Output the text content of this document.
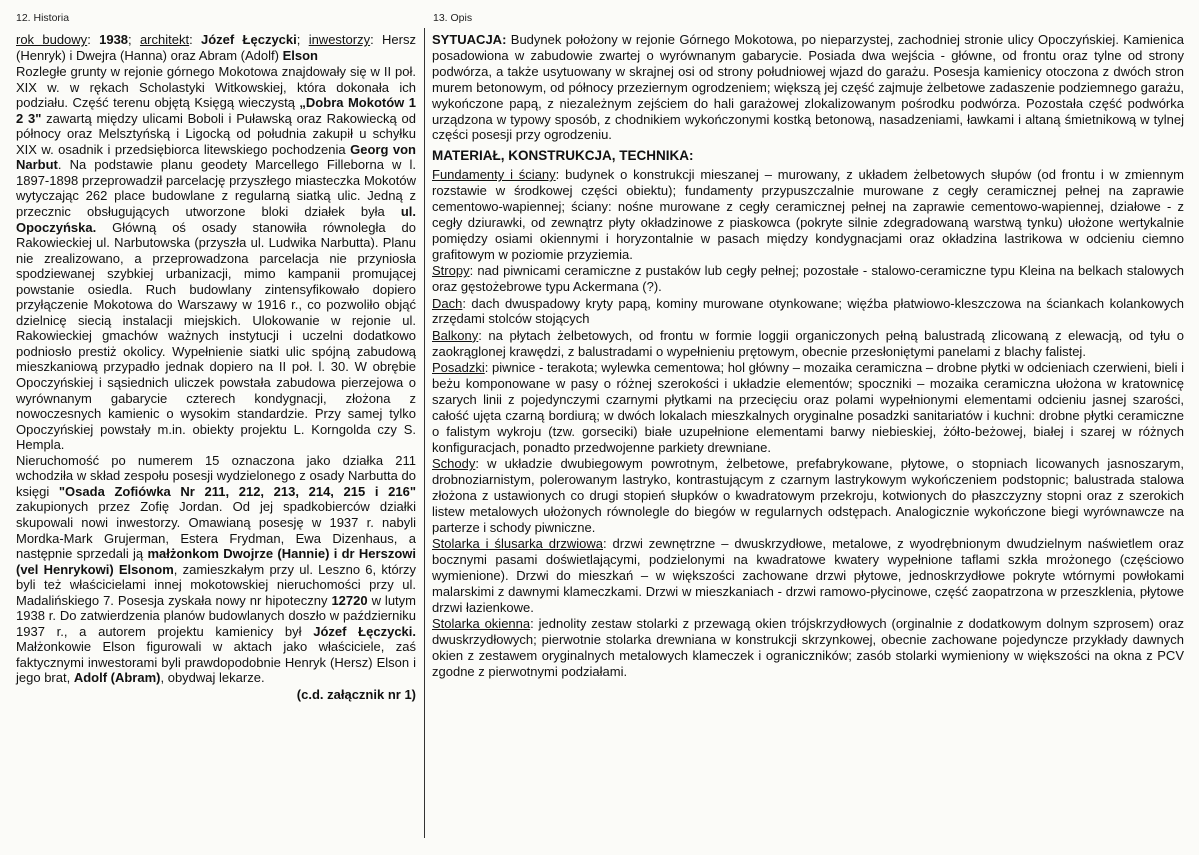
12. Historia	13. Opis

rok budowy: 1938; architekt: Józef Łęczycki; inwestorzy: Hersz (Henryk) i Dwejra (Hanna) oraz Abram (Adolf) Elson

Rozległe grunty w rejonie górnego Mokotowa znajdowały się w II poł. XIX w. w rękach Scholastyki Witkowskiej, która dokonała ich podziału. Część terenu objętą Księgą wieczystą „Dobra Mokotów 1 2 3" zawartą między ulicami Boboli i Puławską oraz Rakowiecką od północy oraz Melsztyńską i Ligocką od południa zakupił u schyłku XIX w. osadnik i przedsiębiorca litewskiego pochodzenia Georg von Narbut. Na podstawie planu geodety Marcellego Filleborna w l. 1897-1898 przeprowadził parcelację przyszłego miasteczka Mokotów wytyczając 262 place budowlane z regularną siatką ulic. Jedną z przecznic obsługujących utworzone bloki działek była ul. Opoczyńska. Główną oś osady stanowiła równoległa do Rakowieckiej ul. Narbutowska (przyszła ul. Ludwika Narbutta). Planu nie zrealizowano, a przeprowadzona parcelacja nie przyniosła spodziewanej szybkiej urbanizacji, mimo kampanii promującej powstanie osiedla. Ruch budowlany zintensyfikowało dopiero przyłączenie Mokotowa do Warszawy w 1916 r., co pozwoliło objąć dzielnicę siecią instalacji miejskich. Ulokowanie w rejonie ul. Rakowieckiej gmachów ważnych instytucji i uczelni dodatkowo podniosło prestiż okolicy. Wypełnienie siatki ulic spójną zabudową mieszkaniową przypadło jednak dopiero na II poł. l. 30. W obrębie Opoczyńskiej i sąsiednich uliczek powstała zabudowa pierzejowa o wyrównanym gabarycie czterech kondygnacji, złożona z nowoczesnych kamienic o wysokim standardzie. Przy samej tylko Opoczyńskiej powstały m.in. obiekty projektu L. Korngolda czy S. Hempla.

Nieruchomość po numerem 15 oznaczona jako działka 211 wchodziła w skład zespołu posesji wydzielonego z osady Narbutta do księgi "Osada Zofiówka Nr 211, 212, 213, 214, 215 i 216" zakupionych przez Zofię Jordan. Od jej spadkobierców działki skupowali nowi inwestorzy. Omawianą posesję w 1937 r. nabyli Mordka-Mark Grujerman, Estera Frydman, Ewa Dizenhaus, a następnie sprzedali ją małżonkom Dwojrze (Hannie) i dr Herszowi (vel Henrykowi) Elsonom, zamieszkałym przy ul. Leszno 6, którzy byli też właścicielami innej mokotowskiej nieruchomości przy ul. Madalińskiego 7. Posesja zyskała nowy nr hipoteczny 12720 w lutym 1938 r. Do zatwierdzenia planów budowlanych doszło w październiku 1937 r., a autorem projektu kamienicy był Józef Łęczycki. Małżonkowie Elson figurowali w aktach jako właściciele, zaś faktycznymi inwestorami byli prawdopodobnie Henryk (Hersz) Elson i jego brat, Adolf (Abram), obydwaj lekarze.

(c.d. załącznik nr 1)

SYTUACJA: Budynek położony w rejonie Górnego Mokotowa, po nieparzystej, zachodniej stronie ulicy Opoczyńskiej. Kamienica posadowiona w zabudowie zwartej o wyrównanym gabarycie. Posiada dwa wejścia - główne, od frontu oraz tylne od strony podwórza, a także usytuowany w skrajnej osi od strony południowej wjazd do garażu. Posesja kamienicy otoczona z dwóch stron murem betonowym, od północy przeziernym ogrodzeniem; większą jej część zajmuje żelbetowe zadaszenie podziemnego garażu, wykończone papą, z niezależnym zejściem do hali garażowej zlokalizowanym pośrodku podwórza. Pozostała część podwórka urządzona w typowy sposób, z chodnikiem wykończonymi kostką betonową, nasadzeniami, ławkami i altaną śmietnikową w tylnej części posesji przy ogrodzeniu.

MATERIAŁ, KONSTRUKCJA, TECHNIKA:

Fundamenty i ściany: budynek o konstrukcji mieszanej – murowany, z układem żelbetowych słupów (od frontu i w zmiennym rozstawie w środkowej części obiektu); fundamenty przypuszczalnie murowane z cegły ceramicznej pełnej na zaprawie cementowo-wapiennej; ściany: nośne murowane z cegły ceramicznej pełnej na zaprawie cementowo-wapiennej, działowe - z cegły dziurawki, od zewnątrz płyty okładzinowe z piaskowca (pokryte silnie zdegradowaną warstwą tynku) ułożone wertykalnie pomiędzy osiami okiennymi i horyzontalnie w pasach między kondygnacjami oraz okładzina lastrikowa w odcieniu ciemno grafitowym w poziomie przyziemia.

Stropy: nad piwnicami ceramiczne z pustaków lub cegły pełnej; pozostałe - stalowo-ceramiczne typu Kleina na belkach stalowych oraz gęstożebrowe typu Ackermana (?).

Dach: dach dwuspadowy kryty papą, kominy murowane otynkowane; więźba płatwiowo-kleszczowa na ściankach kolankowych zrzędami stolców stojących

Balkony: na płytach żelbetowych, od frontu w formie loggii organiczonych pełną balustradą zlicowaną z elewacją, od tyłu o zaokrąglonej krawędzi, z balustradami o wypełnieniu prętowym, obecnie przesłoniętymi panelami z blachy falistej.

Posadzki: piwnice - terakota; wylewka cementowa; hol główny – mozaika ceramiczna – drobne płytki w odcieniach czerwieni, bieli i beżu komponowane w pasy o różnej szerokości i układzie elementów; spoczniki – mozaika ceramiczna ułożona w kratownicę szarych linii z pojedynczymi czarnymi płytkami na przecięciu oraz polami wypełnionymi elementami odcieniu jasnej szarości, całość ujęta czarną bordiurą; w dwóch lokalach mieszkalnych oryginalne posadzki sanitariatów i kuchni: drobne płytki ceramiczne o falistym wykroju (tzw. gorseciki) białe uzupełnione elementami barwy niebieskiej, żółto-beżowej, białej i szarej w różnych konfiguracjach, ponadto przedwojenne parkiety drewniane.

Schody: w układzie dwubiegowym powrotnym, żelbetowe, prefabrykowane, płytowe, o stopniach licowanych jasnoszarym, drobnoziarnistym, polerowanym lastryko, kontrastującym z czarnym lastrykowym wykończeniem podstopnic; balustrada stalowa złożona z ustawionych co drugi stopień słupków o kwadratowym przekroju, kotwionych do płaszczyzny stopni oraz z szerokich listew metalowych ułożonych równolegle do biegów w regularnych odstępach. Analogicznie wykończone biegi wyrównawcze na parterze i schody piwniczne.

Stolarka i ślusarka drzwiowa: drzwi zewnętrzne – dwuskrzydłowe, metalowe, z wyodrębnionym dwudzielnym naświetlem oraz bocznymi pasami doświetlającymi, podzielonymi na kwadratowe kwatery wypełnione taflami szkła mrożonego (częściowo wymienione). Drzwi do mieszkań – w większości zachowane drzwi płytowe, jednoskrzydłowe pokryte wtórnymi powłokami malarskimi z dawnymi klameczkami. Drzwi w mieszkaniach - drzwi ramowo-płycinowe, część zaopatrzona w przeszklenia, płytowe drzwi łazienkowe.

Stolarka okienna: jednolity zestaw stolarki z przewagą okien trójskrzydłowych (orginalnie z dodatkowym dolnym szprosem) oraz dwuskrzydłowych; pierwotnie stolarka drewniana w konstrukcji skrzynkowej, obecnie zachowane pojedyncze przykłady dawnych okien z zestawem oryginalnych metalowych klameczek i ograniczników; zasób stolarki wymieniony w większości na okna z PCV zgodne z pierwotnymi podziałami.
